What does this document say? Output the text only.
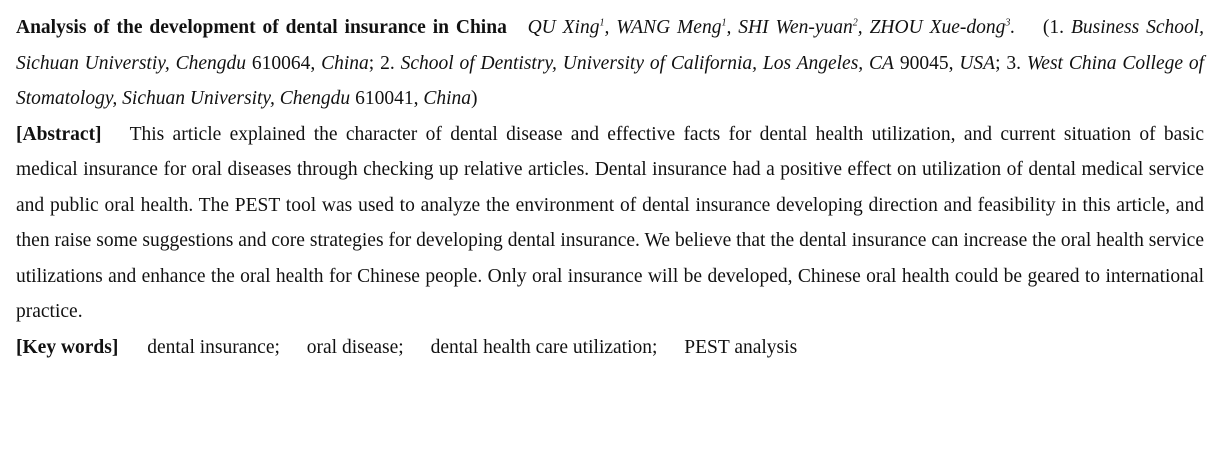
Analysis of the development of dental insurance in China QU Xing$^1$, WANG Meng$^1$, SHI Wen-yuan$^2$, ZHOU Xue-dong$^3$. (1. Business School, Sichuan Universtiy, Chengdu 610064, China; 2. School of Dentistry, University of California, Los Angeles, CA 90045, USA; 3. West China College of Stomatology, Sichuan University, Chengdu 610041, China)
[Abstract] This article explained the character of dental disease and effective facts for dental health utilization, and current situation of basic medical insurance for oral diseases through checking up relative articles. Dental insurance had a positive effect on utilization of dental medical service and public oral health. The PEST tool was used to analyze the environment of dental insurance developing direction and feasibility in this article, and then raise some suggestions and core strategies for developing dental insurance. We believe that the dental insurance can increase the oral health service utilizations and enhance the oral health for Chinese people. Only oral insurance will be developed, Chinese oral health could be geared to international practice.
[Key words] dental insurance; oral disease; dental health care utilization; PEST analysis
